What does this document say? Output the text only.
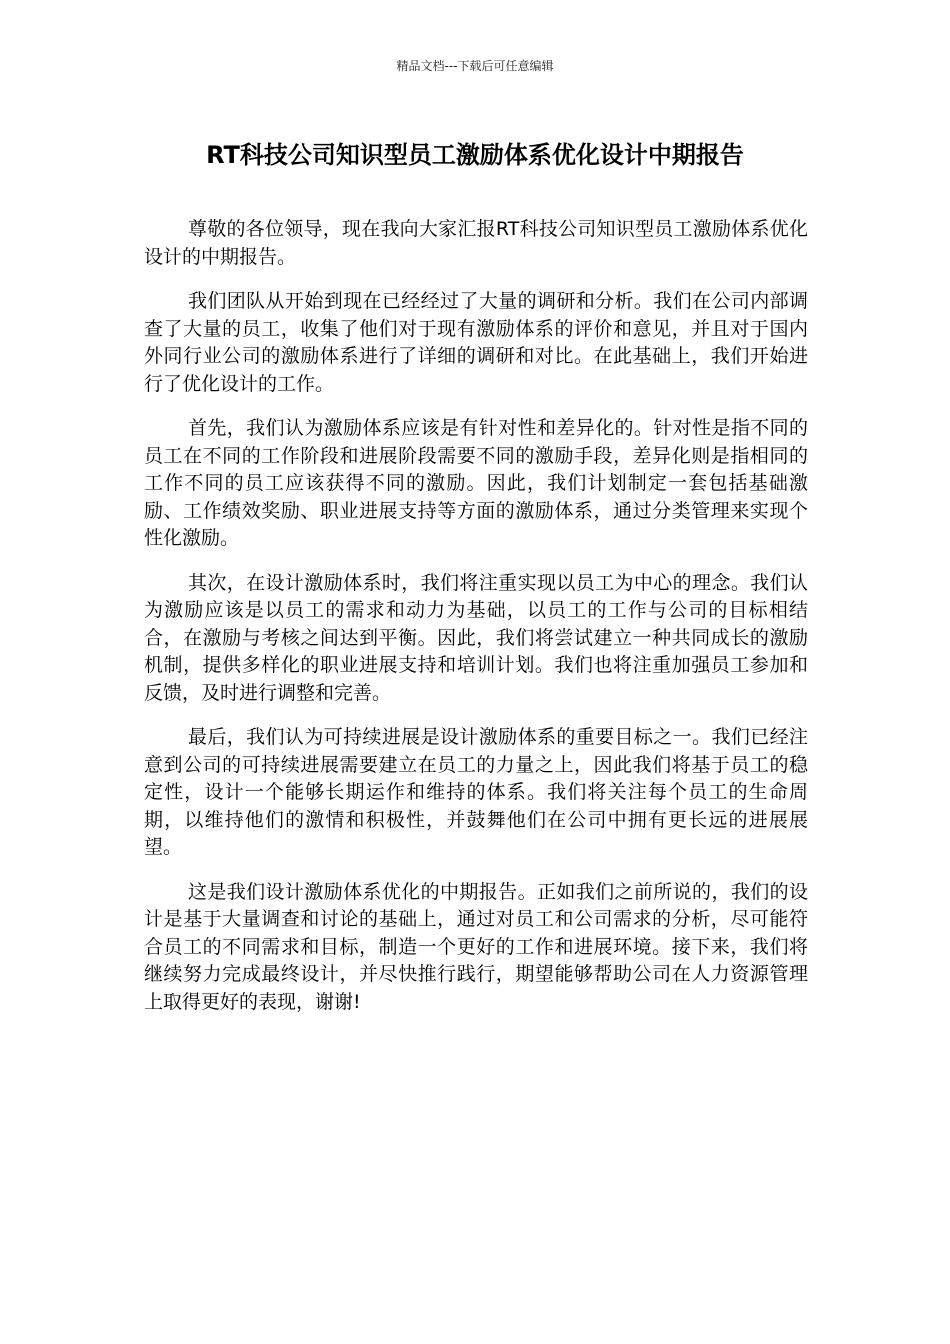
精品文档---下载后可任意编辑
RT科技公司知识型员工激励体系优化设计中期报告

尊敬的各位领导，现在我向大家汇报RT科技公司知识型员工激励体系优化设计的中期报告。

我们团队从开始到现在已经经过了大量的调研和分析。我们在公司内部调查了大量的员工，收集了他们对于现有激励体系的评价和意见，并且对于国内外同行业公司的激励体系进行了详细的调研和对比。在此基础上，我们开始进行了优化设计的工作。

首先，我们认为激励体系应该是有针对性和差异化的。针对性是指不同的员工在不同的工作阶段和进展阶段需要不同的激励手段，差异化则是指相同的工作不同的员工应该获得不同的激励。因此，我们计划制定一套包括基础激励、工作绩效奖励、职业进展支持等方面的激励体系，通过分类管理来实现个性化激励。

其次，在设计激励体系时，我们将注重实现以员工为中心的理念。我们认为激励应该是以员工的需求和动力为基础，以员工的工作与公司的目标相结合，在激励与考核之间达到平衡。因此，我们将尝试建立一种共同成长的激励机制，提供多样化的职业进展支持和培训计划。我们也将注重加强员工参加和反馈，及时进行调整和完善。

最后，我们认为可持续进展是设计激励体系的重要目标之一。我们已经注意到公司的可持续进展需要建立在员工的力量之上，因此我们将基于员工的稳定性，设计一个能够长期运作和维持的体系。我们将关注每个员工的生命周期，以维持他们的激情和积极性，并鼓舞他们在公司中拥有更长远的进展展望。

这是我们设计激励体系优化的中期报告。正如我们之前所说的，我们的设计是基于大量调查和讨论的基础上，通过对员工和公司需求的分析，尽可能符合员工的不同需求和目标，制造一个更好的工作和进展环境。接下来，我们将继续努力完成最终设计，并尽快推行践行，期望能够帮助公司在人力资源管理上取得更好的表现，谢谢!
